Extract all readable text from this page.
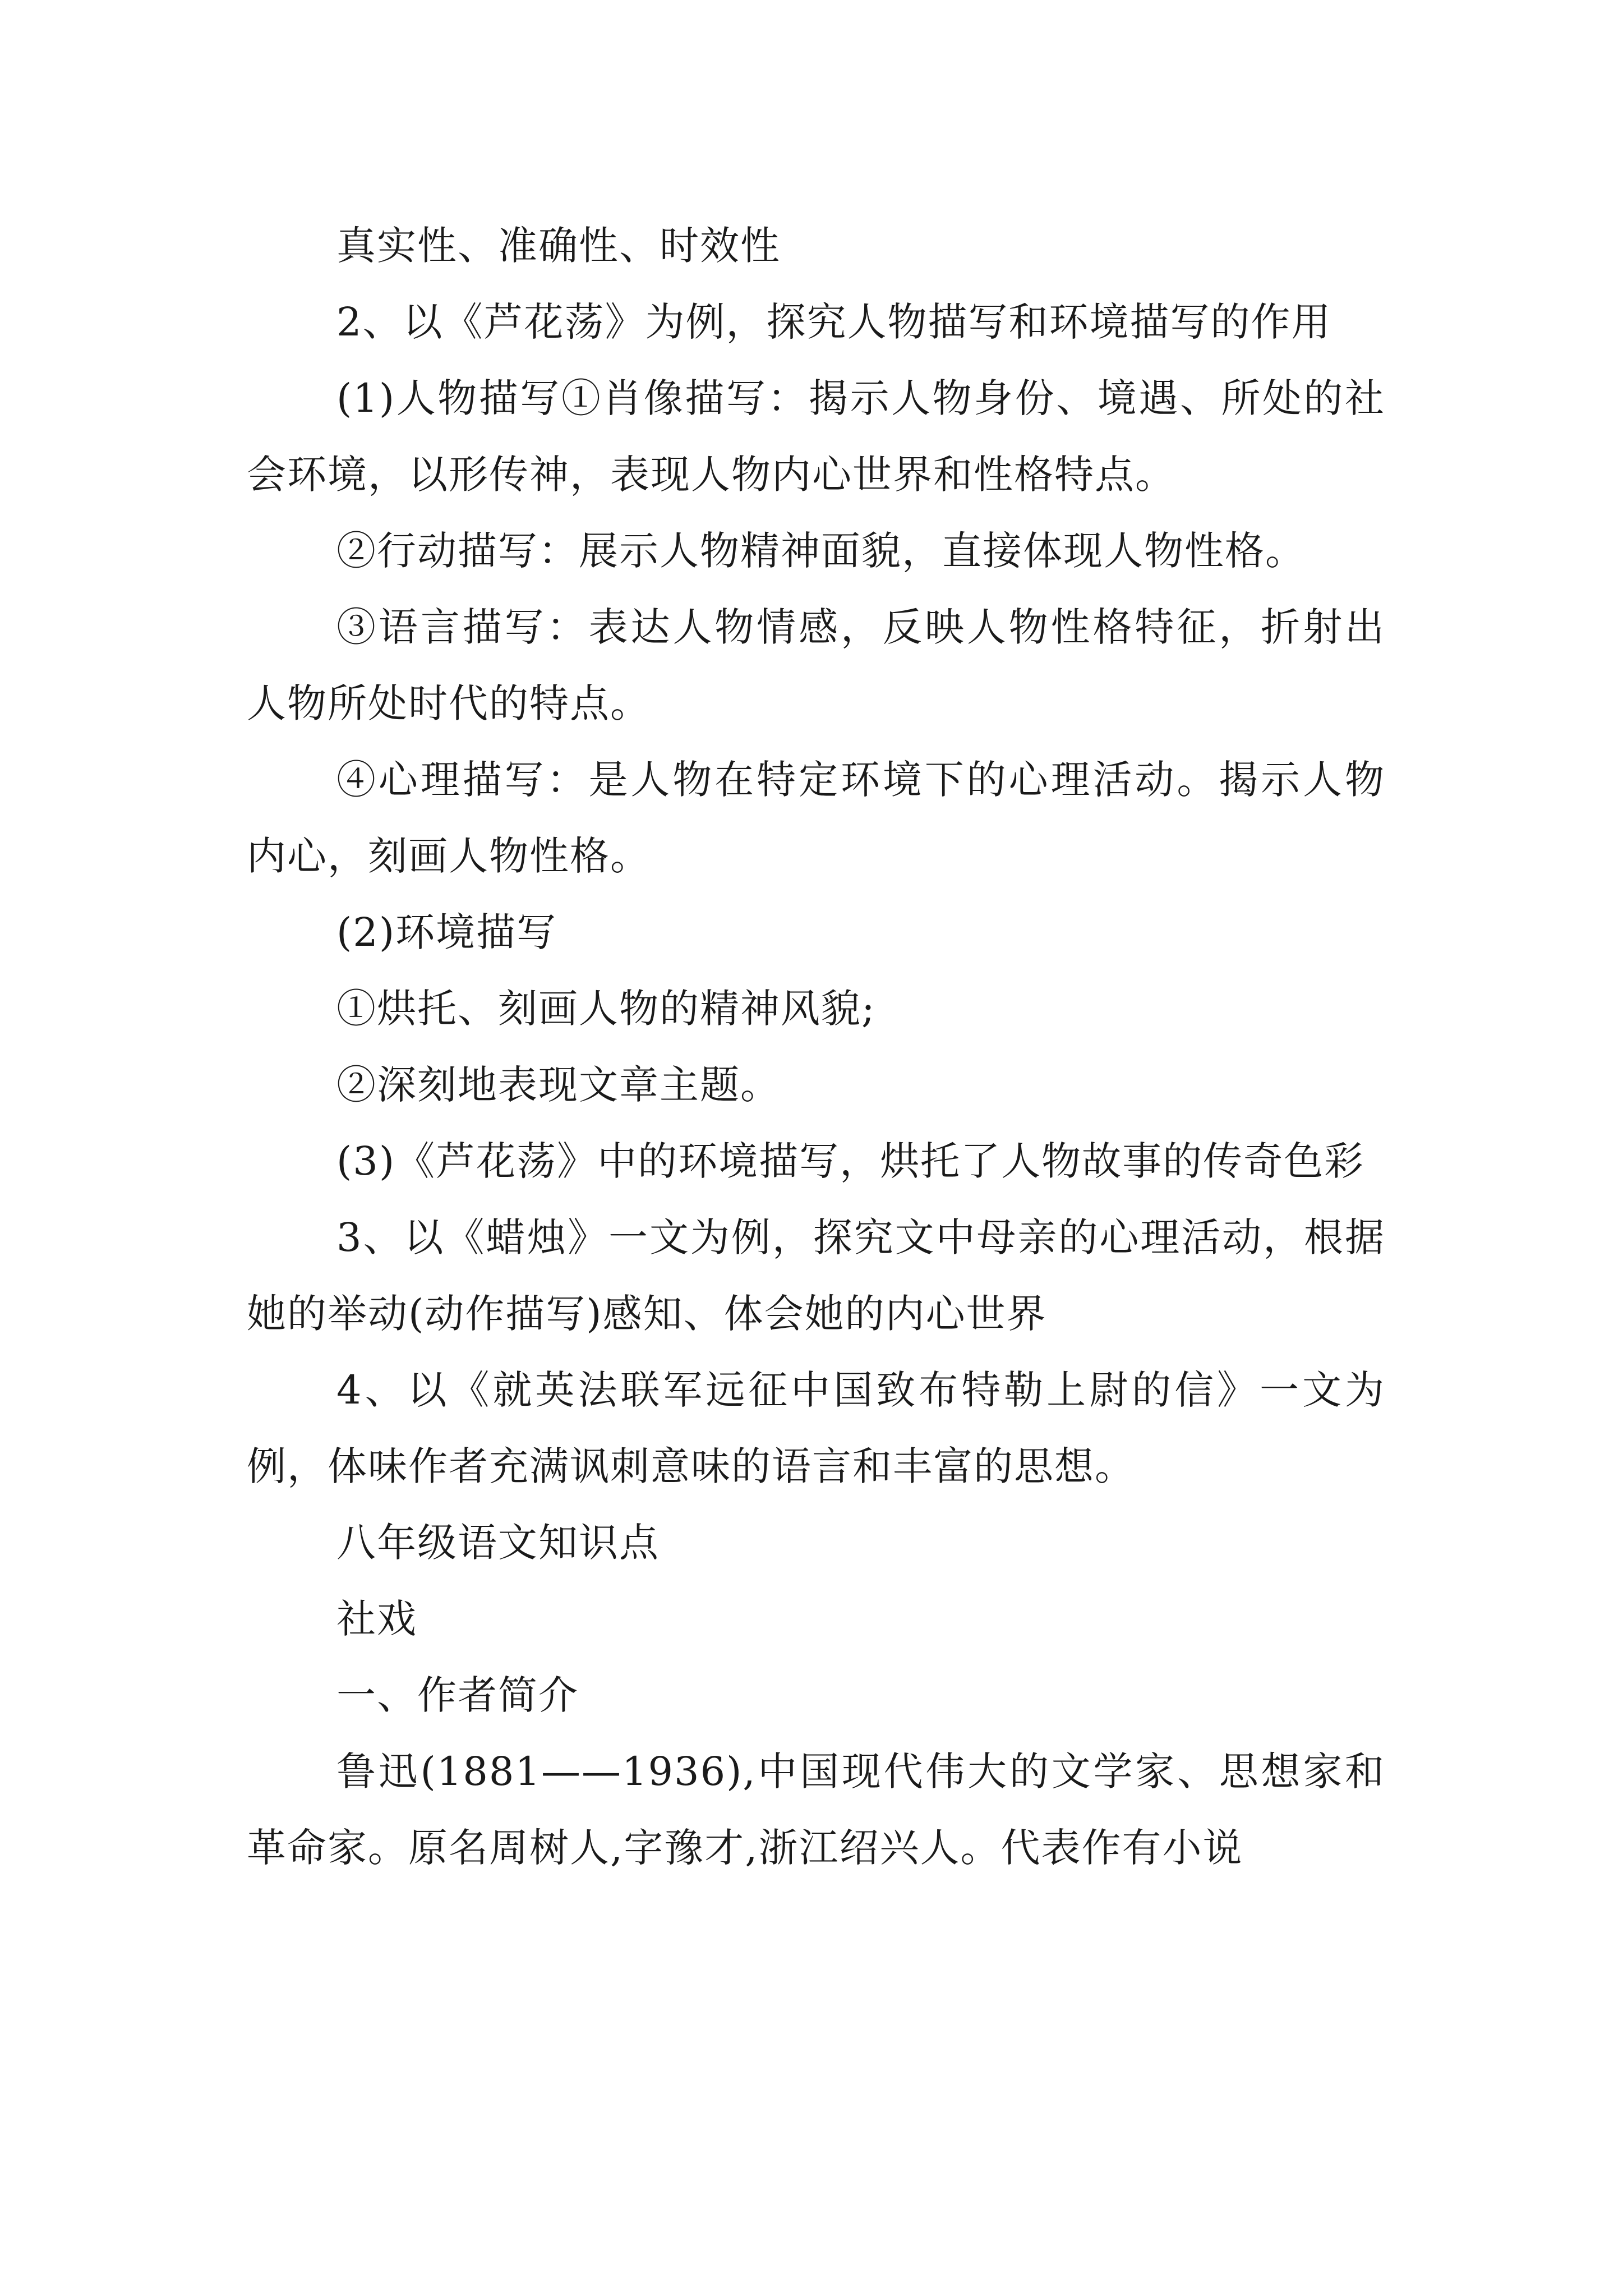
真实性、准确性、时效性

2、以《芦花荡》为例，探究人物描写和环境描写的作用

(1)人物描写①肖像描写：揭示人物身份、境遇、所处的社会环境，以形传神，表现人物内心世界和性格特点。

②行动描写：展示人物精神面貌，直接体现人物性格。

③语言描写：表达人物情感，反映人物性格特征，折射出人物所处时代的特点。

④心理描写：是人物在特定环境下的心理活动。揭示人物内心，刻画人物性格。

(2)环境描写

①烘托、刻画人物的精神风貌;

②深刻地表现文章主题。

(3)《芦花荡》中的环境描写，烘托了人物故事的传奇色彩

3、以《蜡烛》一文为例，探究文中母亲的心理活动，根据她的举动(动作描写)感知、体会她的内心世界

4、以《就英法联军远征中国致布特勒上尉的信》一文为例，体味作者充满讽刺意味的语言和丰富的思想。

八年级语文知识点

社戏

一、作者简介

鲁迅(1881——1936),中国现代伟大的文学家、思想家和革命家。原名周树人,字豫才,浙江绍兴人。代表作有小说
